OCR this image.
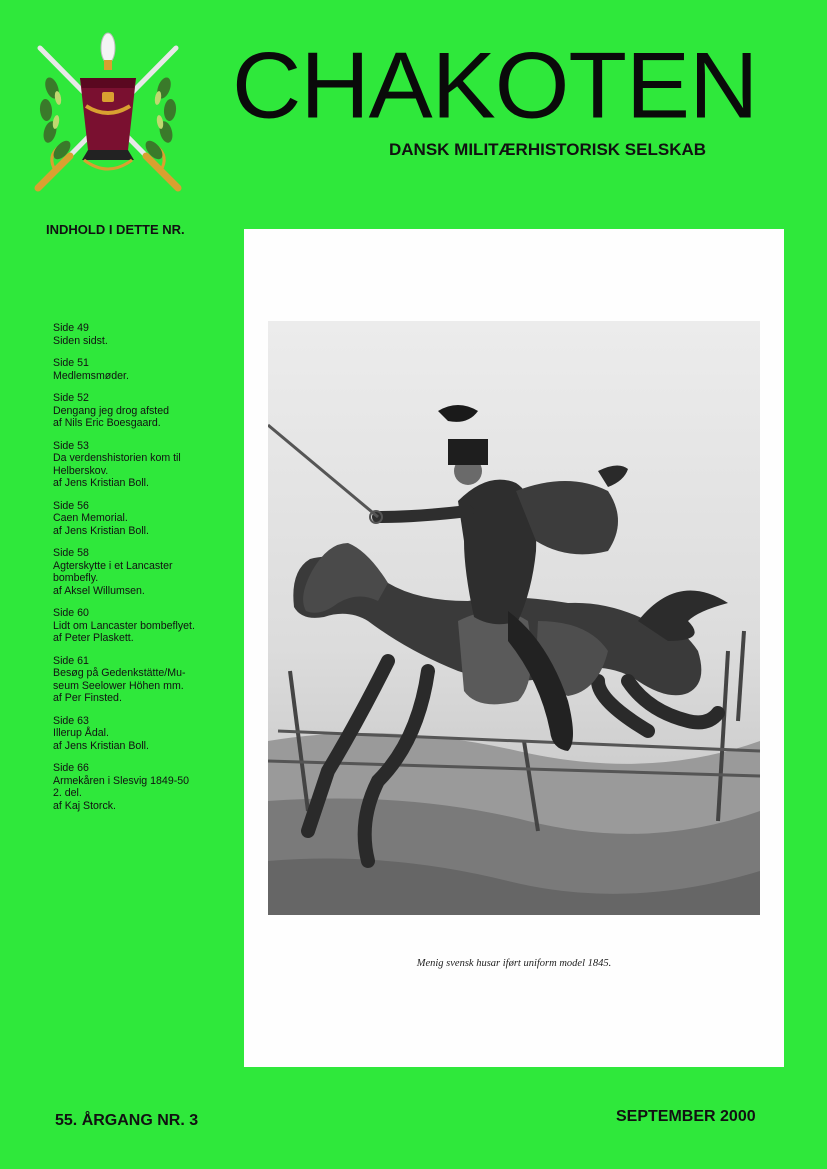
CHAKOTEN
DANSK MILITÆRHISTORISK SELSKAB
INDHOLD I DETTE NR.
Side 49
Siden sidst.
Side 51
Medlemsmøder.
Side 52
Dengang jeg drog afsted
af Nils Eric Boesgaard.
Side 53
Da verdenshistorien kom til
Helberskov.
af Jens Kristian Boll.
Side 56
Caen Memorial.
af Jens Kristian Boll.
Side 58
Agterskytte i et Lancaster
bombefly.
af Aksel Willumsen.
Side 60
Lidt om Lancaster bombeflyet.
af Peter Plaskett.
Side 61
Besøg på Gedenkstätte/Mu-
seum Seelower Höhen mm.
af Per Finsted.
Side 63
Illerup Ådal.
af Jens Kristian Boll.
Side 66
Armekåren i Slesvig 1849-50
2. del.
af Kaj Storck.
Menig svensk husar iført uniform model 1845.
55. ÅRGANG NR. 3	SEPTEMBER 2000
